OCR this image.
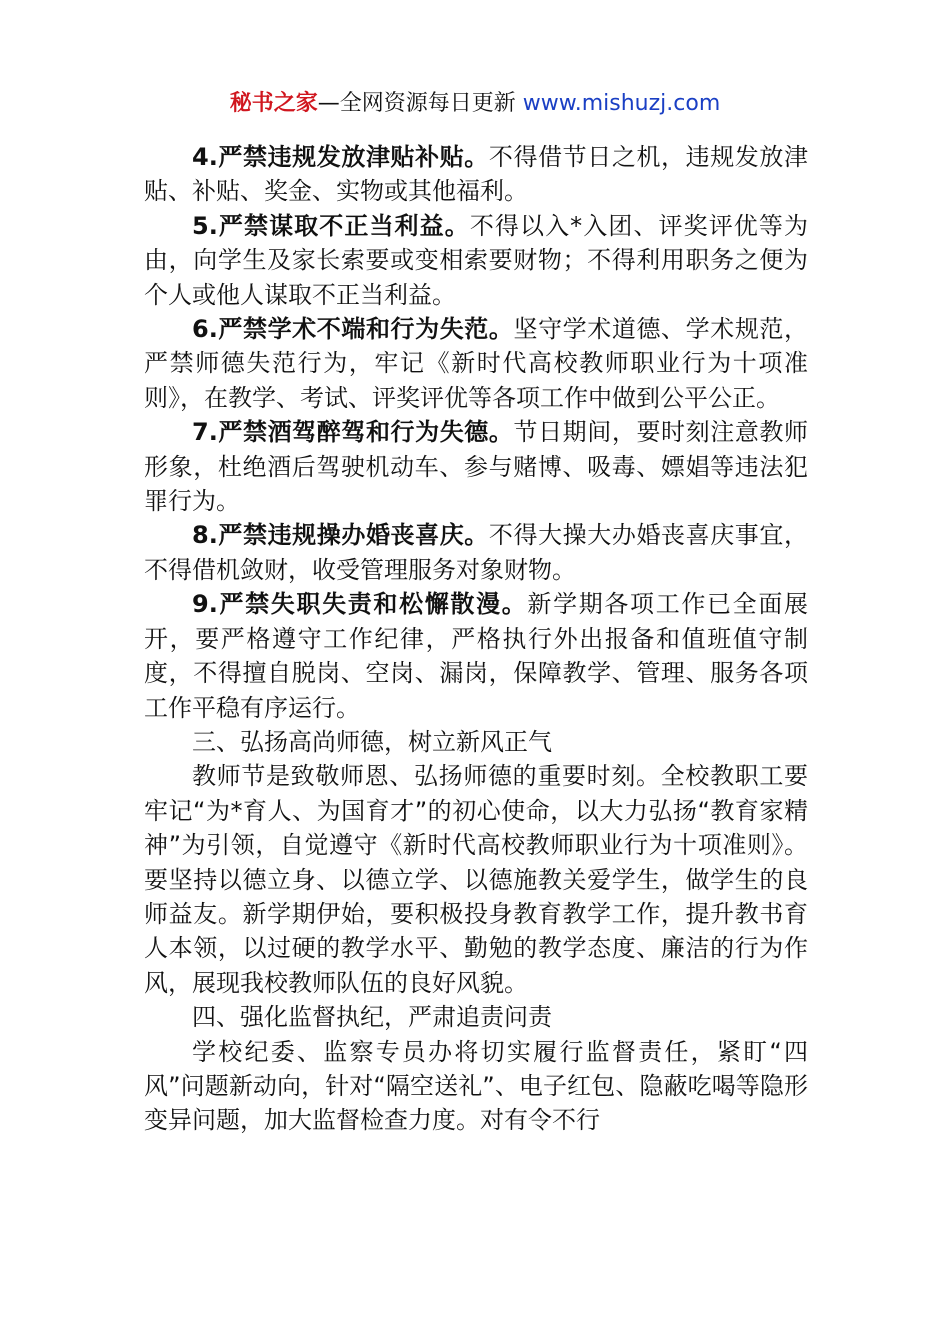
秘书之家—全网资源每日更新 www.mishuzj.com

4.严禁违规发放津贴补贴。不得借节日之机，违规发放津贴、补贴、奖金、实物或其他福利。

5.严禁谋取不正当利益。不得以入*入团、评奖评优等为由，向学生及家长索要或变相索要财物；不得利用职务之便为个人或他人谋取不正当利益。

6.严禁学术不端和行为失范。坚守学术道德、学术规范，严禁师德失范行为，牢记《新时代高校教师职业行为十项准则》，在教学、考试、评奖评优等各项工作中做到公平公正。

7.严禁酒驾醉驾和行为失德。节日期间，要时刻注意教师形象，杜绝酒后驾驶机动车、参与赌博、吸毒、嫖娼等违法犯罪行为。

8.严禁违规操办婚丧喜庆。不得大操大办婚丧喜庆事宜，不得借机敛财，收受管理服务对象财物。

9.严禁失职失责和松懈散漫。新学期各项工作已全面展开，要严格遵守工作纪律，严格执行外出报备和值班值守制度，不得擅自脱岗、空岗、漏岗，保障教学、管理、服务各项工作平稳有序运行。

三、弘扬高尚师德，树立新风正气

教师节是致敬师恩、弘扬师德的重要时刻。全校教职工要牢记“为*育人、为国育才”的初心使命，以大力弘扬“教育家精神”为引领，自觉遵守《新时代高校教师职业行为十项准则》。要坚持以德立身、以德立学、以德施教关爱学生，做学生的良师益友。新学期伊始，要积极投身教育教学工作，提升教书育人本领，以过硬的教学水平、勤勉的教学态度、廉洁的行为作风，展现我校教师队伍的良好风貌。

四、强化监督执纪，严肃追责问责

学校纪委、监察专员办将切实履行监督责任，紧盯“四风”问题新动向，针对“隔空送礼”、电子红包、隐蔽吃喝等隐形变异问题，加大监督检查力度。对有令不行
